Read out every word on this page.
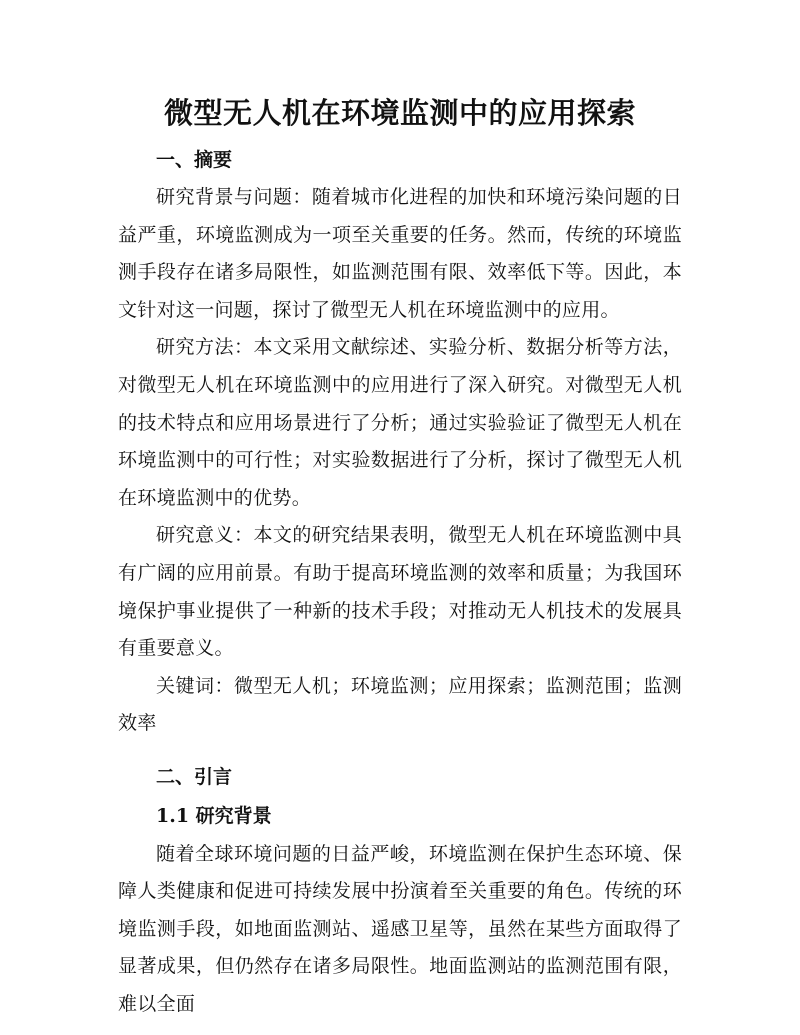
微型无人机在环境监测中的应用探索
一、摘要

研究背景与问题：随着城市化进程的加快和环境污染问题的日益严重，环境监测成为一项至关重要的任务。然而，传统的环境监测手段存在诸多局限性，如监测范围有限、效率低下等。因此，本文针对这一问题，探讨了微型无人机在环境监测中的应用。

研究方法：本文采用文献综述、实验分析、数据分析等方法，对微型无人机在环境监测中的应用进行了深入研究。对微型无人机的技术特点和应用场景进行了分析；通过实验验证了微型无人机在环境监测中的可行性；对实验数据进行了分析，探讨了微型无人机在环境监测中的优势。

研究意义：本文的研究结果表明，微型无人机在环境监测中具有广阔的应用前景。有助于提高环境监测的效率和质量；为我国环境保护事业提供了一种新的技术手段；对推动无人机技术的发展具有重要意义。

关键词：微型无人机；环境监测；应用探索；监测范围；监测效率

二、引言
1.1 研究背景

随着全球环境问题的日益严峻，环境监测在保护生态环境、保障人类健康和促进可持续发展中扮演着至关重要的角色。传统的环境监测手段，如地面监测站、遥感卫星等，虽然在某些方面取得了显著成果，但仍然存在诸多局限性。地面监测站的监测范围有限，难以全面
